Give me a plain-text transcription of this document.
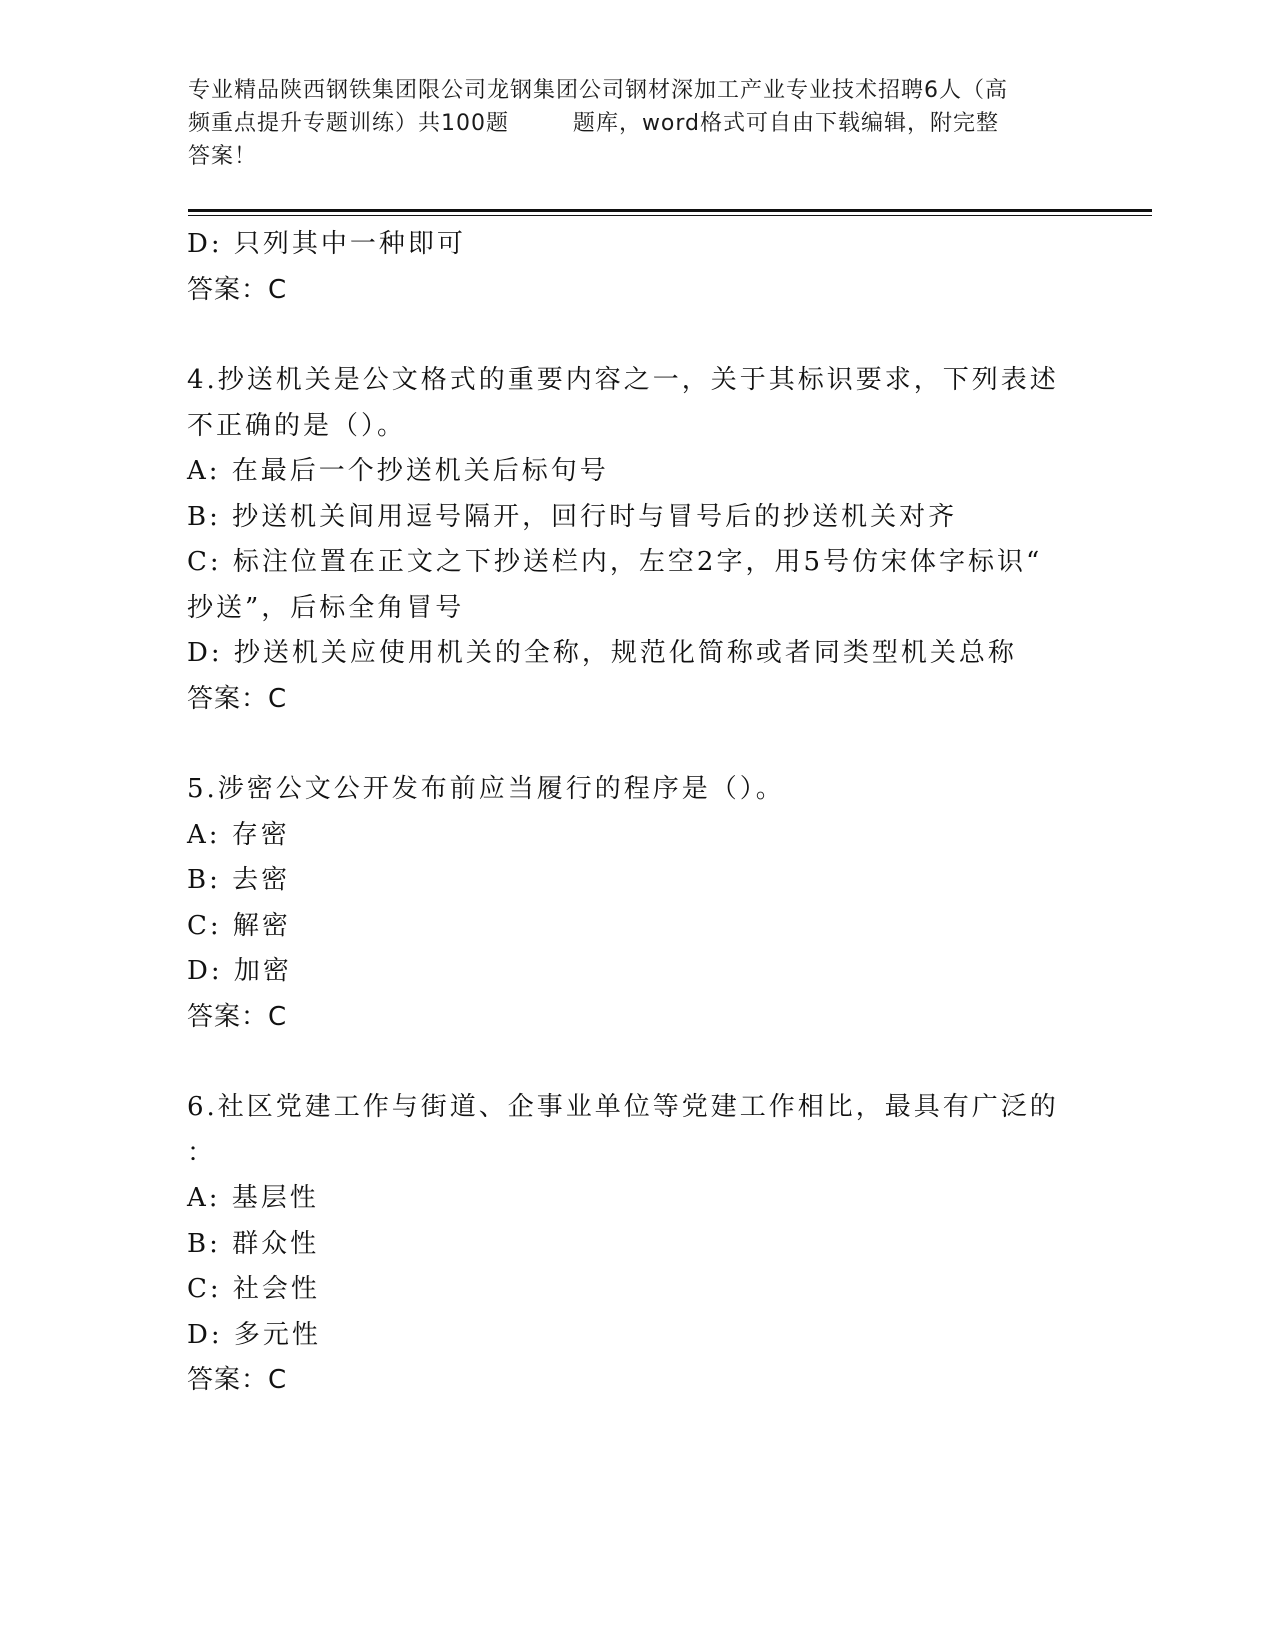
专业精品陕西钢铁集团限公司龙钢集团公司钢材深加工产业专业技术招聘6人（高
频重点提升专题训练）共100题        题库，word格式可自由下载编辑，附完整
答案！
D: 只列其中一种即可
答案：C
4.抄送机关是公文格式的重要内容之一，关于其标识要求，下列表述
不正确的是（）。
A: 在最后一个抄送机关后标句号
B: 抄送机关间用逗号隔开，回行时与冒号后的抄送机关对齐
C: 标注位置在正文之下抄送栏内，左空2字，用5号仿宋体字标识“
抄送”，后标全角冒号
D: 抄送机关应使用机关的全称，规范化简称或者同类型机关总称
答案：C
5.涉密公文公开发布前应当履行的程序是（）。
A: 存密
B: 去密
C: 解密
D: 加密
答案：C
6.社区党建工作与街道、企事业单位等党建工作相比，最具有广泛的
：
A: 基层性
B: 群众性
C: 社会性
D: 多元性
答案：C
